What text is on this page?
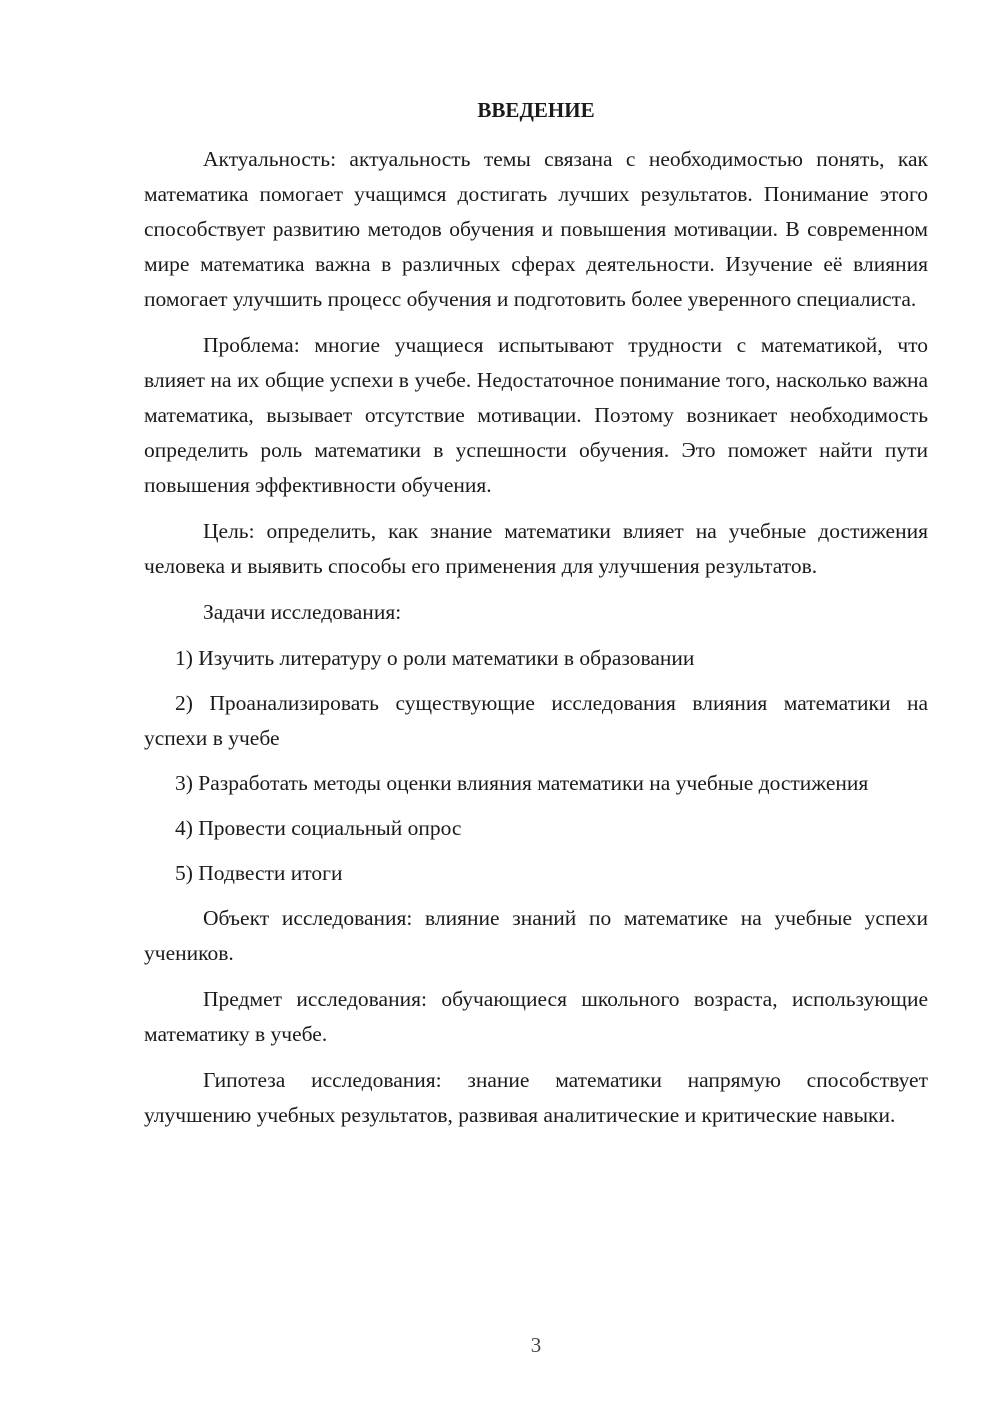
ВВЕДЕНИЕ

Актуальность: актуальность темы связана с необходимостью понять, как математика помогает учащимся достигать лучших результатов. Понимание этого способствует развитию методов обучения и повышения мотивации. В современном мире математика важна в различных сферах деятельности. Изучение её влияния помогает улучшить процесс обучения и подготовить более уверенного специалиста.

Проблема: многие учащиеся испытывают трудности с математикой, что влияет на их общие успехи в учебе. Недостаточное понимание того, насколько важна математика, вызывает отсутствие мотивации. Поэтому возникает необходимость определить роль математики в успешности обучения. Это поможет найти пути повышения эффективности обучения.

Цель: определить, как знание математики влияет на учебные достижения человека и выявить способы его применения для улучшения результатов.

Задачи исследования:

1) Изучить литературу о роли математики в образовании

2) Проанализировать существующие исследования влияния математики на успехи в учебе

3) Разработать методы оценки влияния математики на учебные достижения

4) Провести социальный опрос

5) Подвести итоги

Объект исследования: влияние знаний по математике на учебные успехи учеников.

Предмет исследования: обучающиеся школьного возраста, использующие математику в учебе.

Гипотеза исследования: знание математики напрямую способствует улучшению учебных результатов, развивая аналитические и критические навыки.

3
